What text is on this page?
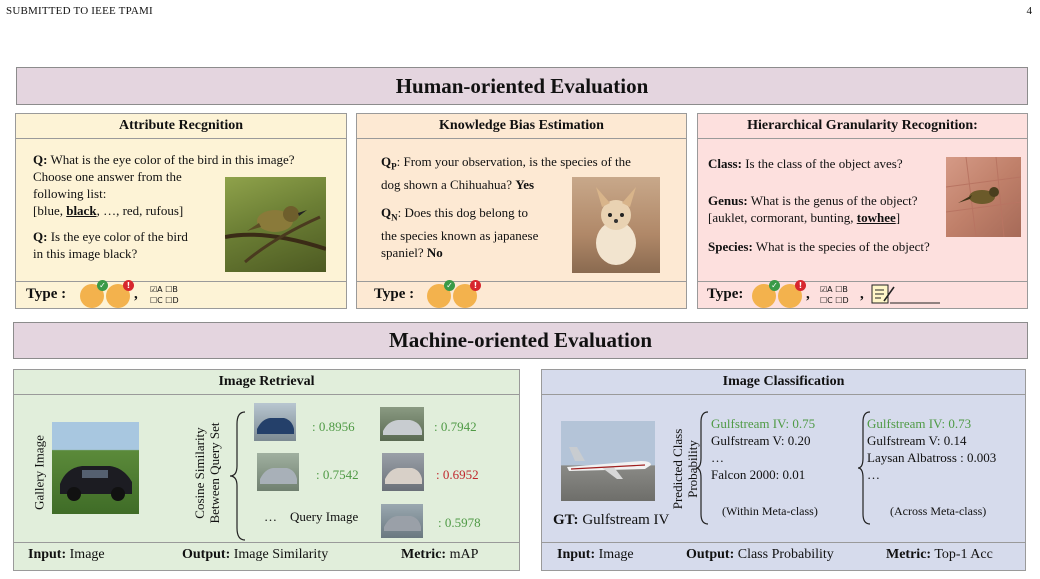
SUBMITTED TO IEEE TPAMI	4
Human-oriented Evaluation
Attribute Recgnition
Q: What is the eye color of the bird in this image?
Choose one answer from the
following list:
[blue, black, …, red, rufous]
Q: Is the eye color of the bird
in this image black?
Type :
✓	!
, ☑A ☐B
☐C ☐D
Knowledge Bias Estimation
$Q_P$: From your observation, is the species of the
dog shown a Chihuahua? Yes
$Q_N$: Does this dog belong to
the species known as japanese
spaniel? No
Type :
✓	!
Hierarchical Granularity Recognition:
Class: Is the class of the object aves?
Genus: What is the genus of the object?
[auklet, cormorant, bunting, towhee]
Species: What is the species of the object?
Type:
✓	!
, ☑A ☐B
☐C ☐D ,
Machine-oriented Evaluation
Image Retrieval
Gallery Image	Cosine Similarity
Between Query Set	: 0.8956	: 0.7942
: 0.7542	: 0.6952
…    Query Image	: 0.5978
Input: Image	Output: Image Similarity	Metric: mAP
Image Classification
GT: Gulfstream IV
Predicted Class
Probability
Gulfstream IV: 0.75
Gulfstream V: 0.20
…
Falcon 2000: 0.01
(Within Meta-class)
Gulfstream IV: 0.73
Gulfstream V: 0.14
Laysan Albatross : 0.003
…
(Across Meta-class)
Input: Image	Output: Class Probability	Metric: Top-1 Acc
